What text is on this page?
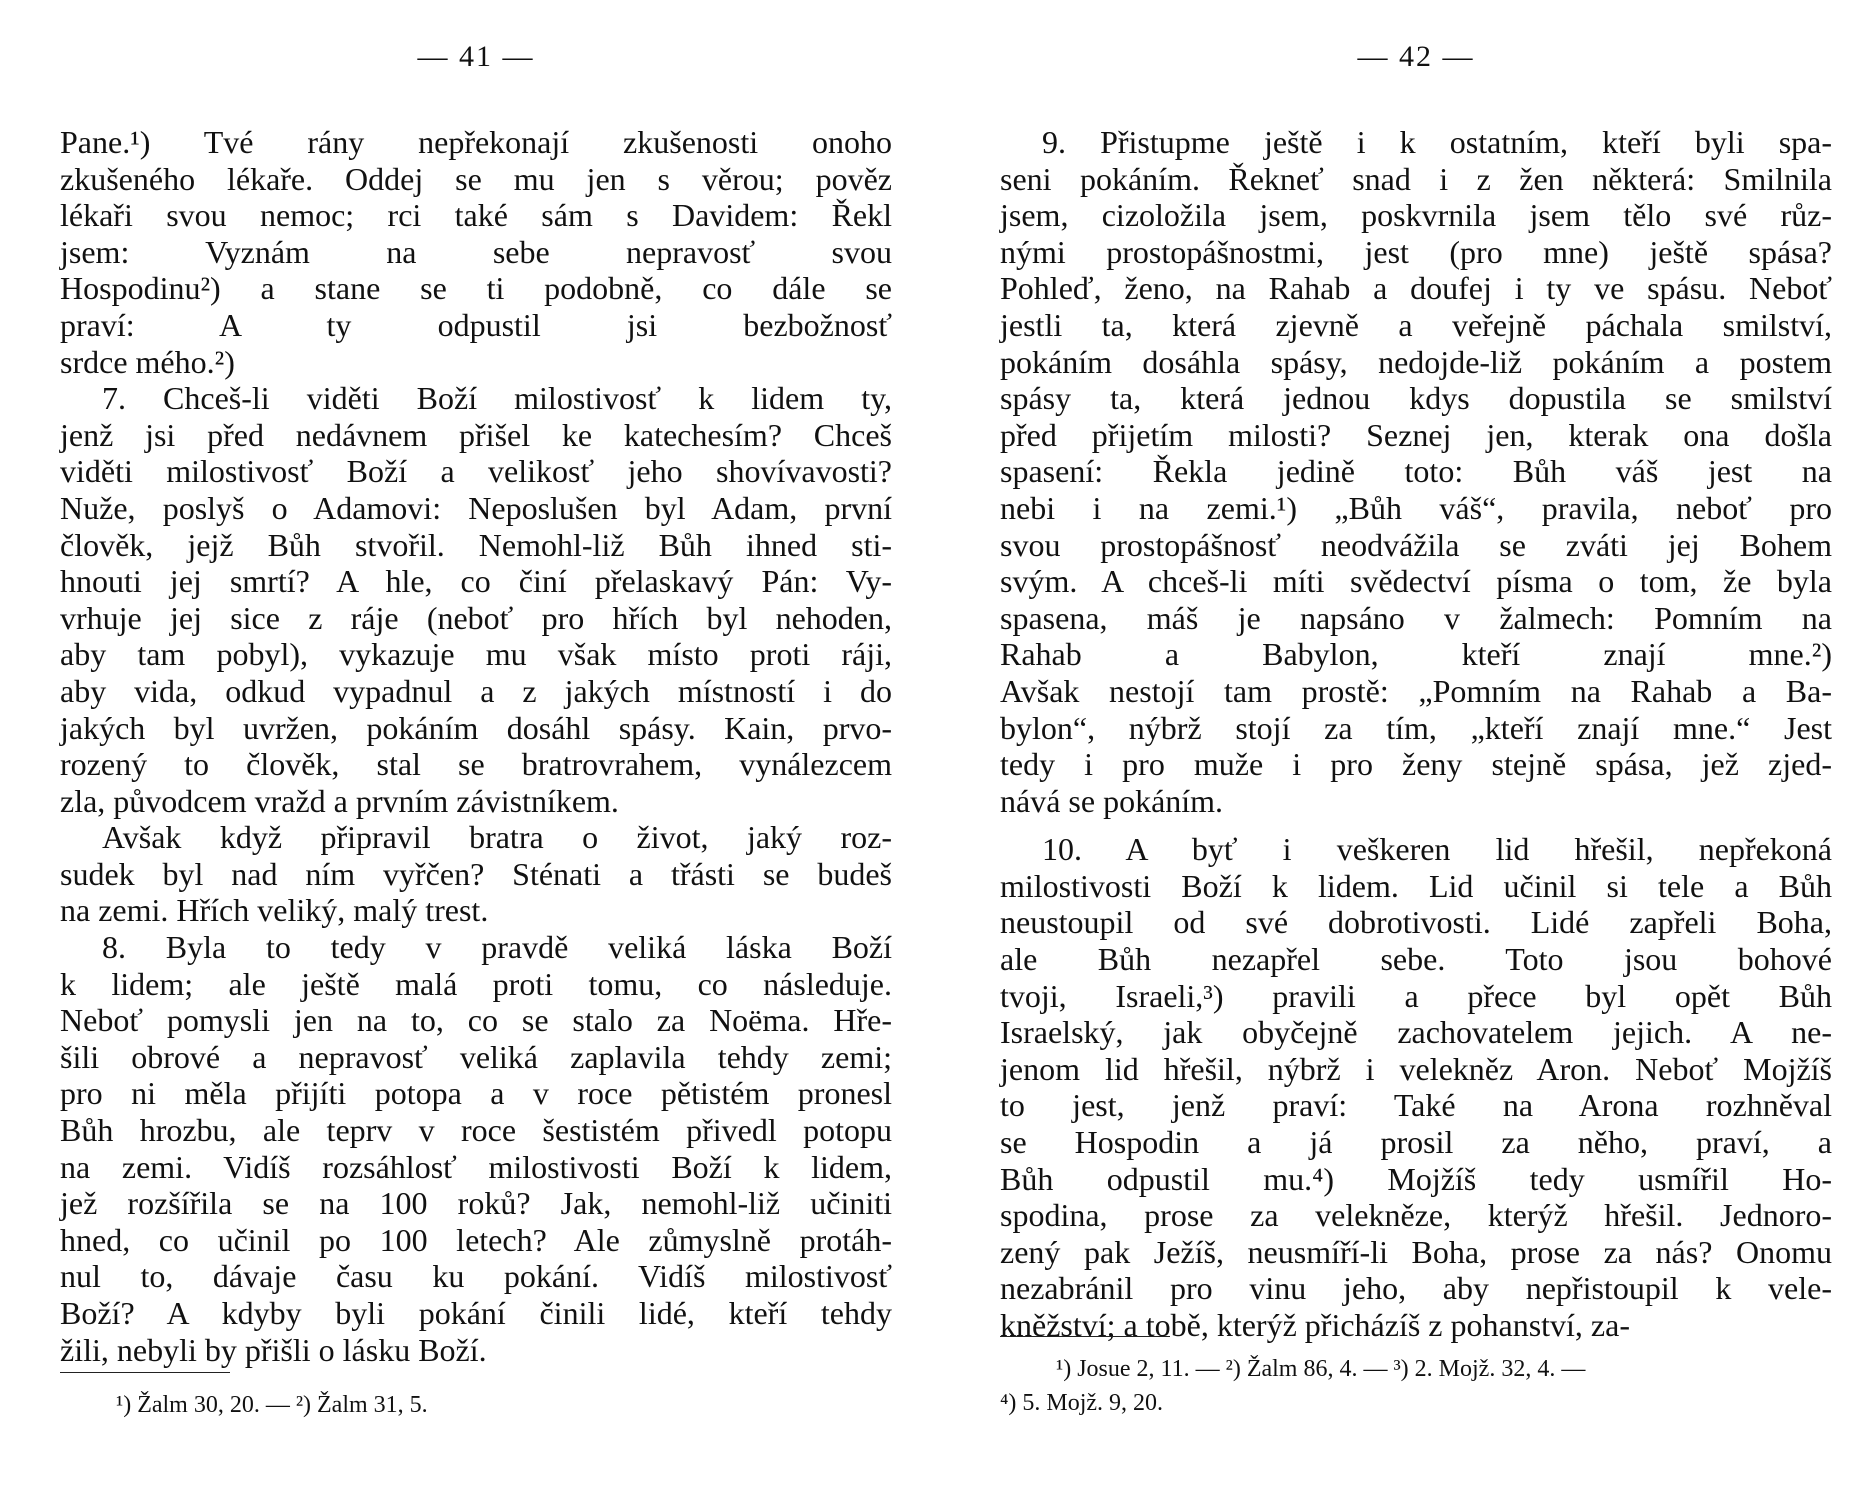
— 41 —
Pane.¹) Tvé rány nepřekonají zkušenosti onoho
zkušeného lékaře. Oddej se mu jen s věrou; pověz
lékaři svou nemoc; rci také sám s Davidem: Řekl
jsem: Vyznám na sebe nepravosť svou
Hospodinu²) a stane se ti podobně, co dále se
praví: A ty odpustil jsi bezbožnosť
srdce mého.²)
7. Chceš-li viděti Boží milostivosť k lidem ty,
jenž jsi před nedávnem přišel ke katechesím? Chceš
viděti milostivosť Boží a velikosť jeho shovívavosti?
Nuže, poslyš o Adamovi: Neposlušen byl Adam, první
člověk, jejž Bůh stvořil. Nemohl-liž Bůh ihned sti-
hnouti jej smrtí? A hle, co činí přelaskavý Pán: Vy-
vrhuje jej sice z ráje (neboť pro hřích byl nehoden,
aby tam pobyl), vykazuje mu však místo proti ráji,
aby vida, odkud vypadnul a z jakých místností i do
jakých byl uvržen, pokáním dosáhl spásy. Kain, prvo-
rozený to člověk, stal se bratrovrahem, vynálezcem
zla, původcem vražd a prvním závistníkem.
Avšak když připravil bratra o život, jaký roz-
sudek byl nad ním vyřčen? Sténati a třásti se budeš
na zemi. Hřích veliký, malý trest.
8. Byla to tedy v pravdě veliká láska Boží
k lidem; ale ještě malá proti tomu, co následuje.
Neboť pomysli jen na to, co se stalo za Noëma. Hře-
šili obrové a nepravosť veliká zaplavila tehdy zemi;
pro ni měla přijíti potopa a v roce pětistém pronesl
Bůh hrozbu, ale teprv v roce šestistém přivedl potopu
na zemi. Vidíš rozsáhlosť milostivosti Boží k lidem,
jež rozšířila se na 100 roků? Jak, nemohl-liž učiniti
hned, co učinil po 100 letech? Ale zůmyslně protáh-
nul to, dávaje času ku pokání. Vidíš milostivosť
Boží? A kdyby byli pokání činili lidé, kteří tehdy
žili, nebyli by přišli o lásku Boží.
¹) Žalm 30, 20. — ²) Žalm 31, 5.
— 42 —
9. Přistupme ještě i k ostatním, kteří byli spa-
seni pokáním. Řekneť snad i z žen některá: Smilnila
jsem, cizoložila jsem, poskvrnila jsem tělo své růz-
nými prostopášnostmi, jest (pro mne) ještě spása?
Pohleď, ženo, na Rahab a doufej i ty ve spásu. Neboť
jestli ta, která zjevně a veřejně páchala smilství,
pokáním dosáhla spásy, nedojde-liž pokáním a postem
spásy ta, která jednou kdys dopustila se smilství
před přijetím milosti? Seznej jen, kterak ona došla
spasení: Řekla jedině toto: Bůh váš jest na
nebi i na zemi.¹) „Bůh váš“, pravila, neboť pro
svou prostopášnosť neodvážila se zváti jej Bohem
svým. A chceš-li míti svědectví písma o tom, že byla
spasena, máš je napsáno v žalmech: Pomním na
Rahab a Babylon, kteří znají mne.²)
Avšak nestojí tam prostě: „Pomním na Rahab a Ba-
bylon“, nýbrž stojí za tím, „kteří znají mne.“ Jest
tedy i pro muže i pro ženy stejně spása, jež zjed-
nává se pokáním.
10. A byť i veškeren lid hřešil, nepřekoná
milostivosti Boží k lidem. Lid učinil si tele a Bůh
neustoupil od své dobrotivosti. Lidé zapřeli Boha,
ale Bůh nezapřel sebe. Toto jsou bohové
tvoji, Israeli,³) pravili a přece byl opět Bůh
Israelský, jak obyčejně zachovatelem jejich. A ne-
jenom lid hřešil, nýbrž i velekněz Aron. Neboť Mojžíš
to jest, jenž praví: Také na Arona rozhněval
se Hospodin a já prosil za něho, praví, a
Bůh odpustil mu.⁴) Mojžíš tedy usmířil Ho-
spodina, prose za velekněze, kterýž hřešil. Jednoro-
zený pak Ježíš, neusmíří-li Boha, prose za nás? Onomu
nezabránil pro vinu jeho, aby nepřistoupil k vele-
kněžství; a tobě, kterýž přicházíš z pohanství, za-
¹) Josue 2, 11. — ²) Žalm 86, 4. — ³) 2. Mojž. 32, 4. —
⁴) 5. Mojž. 9, 20.
